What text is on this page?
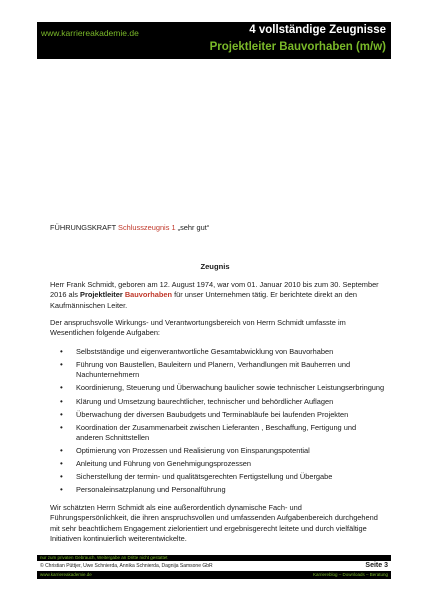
www.karriereakademie.de	4 vollständige Zeugnisse
Projektleiter Bauvorhaben (m/w)
FÜHRUNGSKRAFT Schlusszeugnis 1 „sehr gut“
Zeugnis
Herr Frank Schmidt, geboren am 12. August 1974, war vom 01. Januar 2010 bis zum 30. September 2016 als Projektleiter Bauvorhaben für unser Unternehmen tätig. Er berichtete direkt an den Kaufmännischen Leiter.
Der anspruchsvolle Wirkungs- und Verantwortungsbereich von Herrn Schmidt umfasste im Wesentlichen folgende Aufgaben:
• Selbstständige und eigenverantwortliche Gesamtabwicklung von Bauvorhaben
• Führung von Baustellen, Bauleitern und Planern, Verhandlungen mit Bauherren und Nachunternehmern
• Koordinierung, Steuerung und Überwachung baulicher sowie technischer Leistungserbringung
• Klärung und Umsetzung baurechtlicher, technischer und behördlicher Auflagen
• Überwachung der diversen Baubudgets und Terminabläufe bei laufenden Projekten
• Koordination der Zusammenarbeit zwischen Lieferanten , Beschaffung, Fertigung und anderen Schnittstellen
• Optimierung von Prozessen und Realisierung von Einsparungspotential
• Anleitung und Führung von Genehmigungsprozessen
• Sicherstellung der termin- und qualitätsgerechten Fertigstellung und Übergabe
• Personaleinsatzplanung und Personalführung
Wir schätzten Herrn Schmidt als eine außerordentlich dynamische Fach- und Führungspersönlichkeit, die ihren anspruchsvollen und umfassenden Aufgabenbereich durchgehend mit sehr beachtlichem Engagement zielorientiert und ergebnisgerecht leitete und durch vielfältige Initiativen kontinuierlich weiterentwickelte.
nur zum privaten Gebrauch, Weitergabe an Dritte nicht gestattet
© Christian Püttjer, Uwe Schnierda, Annika Schnierda, Dagnija Samsone GbR	Seite 3
www.karriereakademie.de	Karriereblog – Downloads – Beratung
